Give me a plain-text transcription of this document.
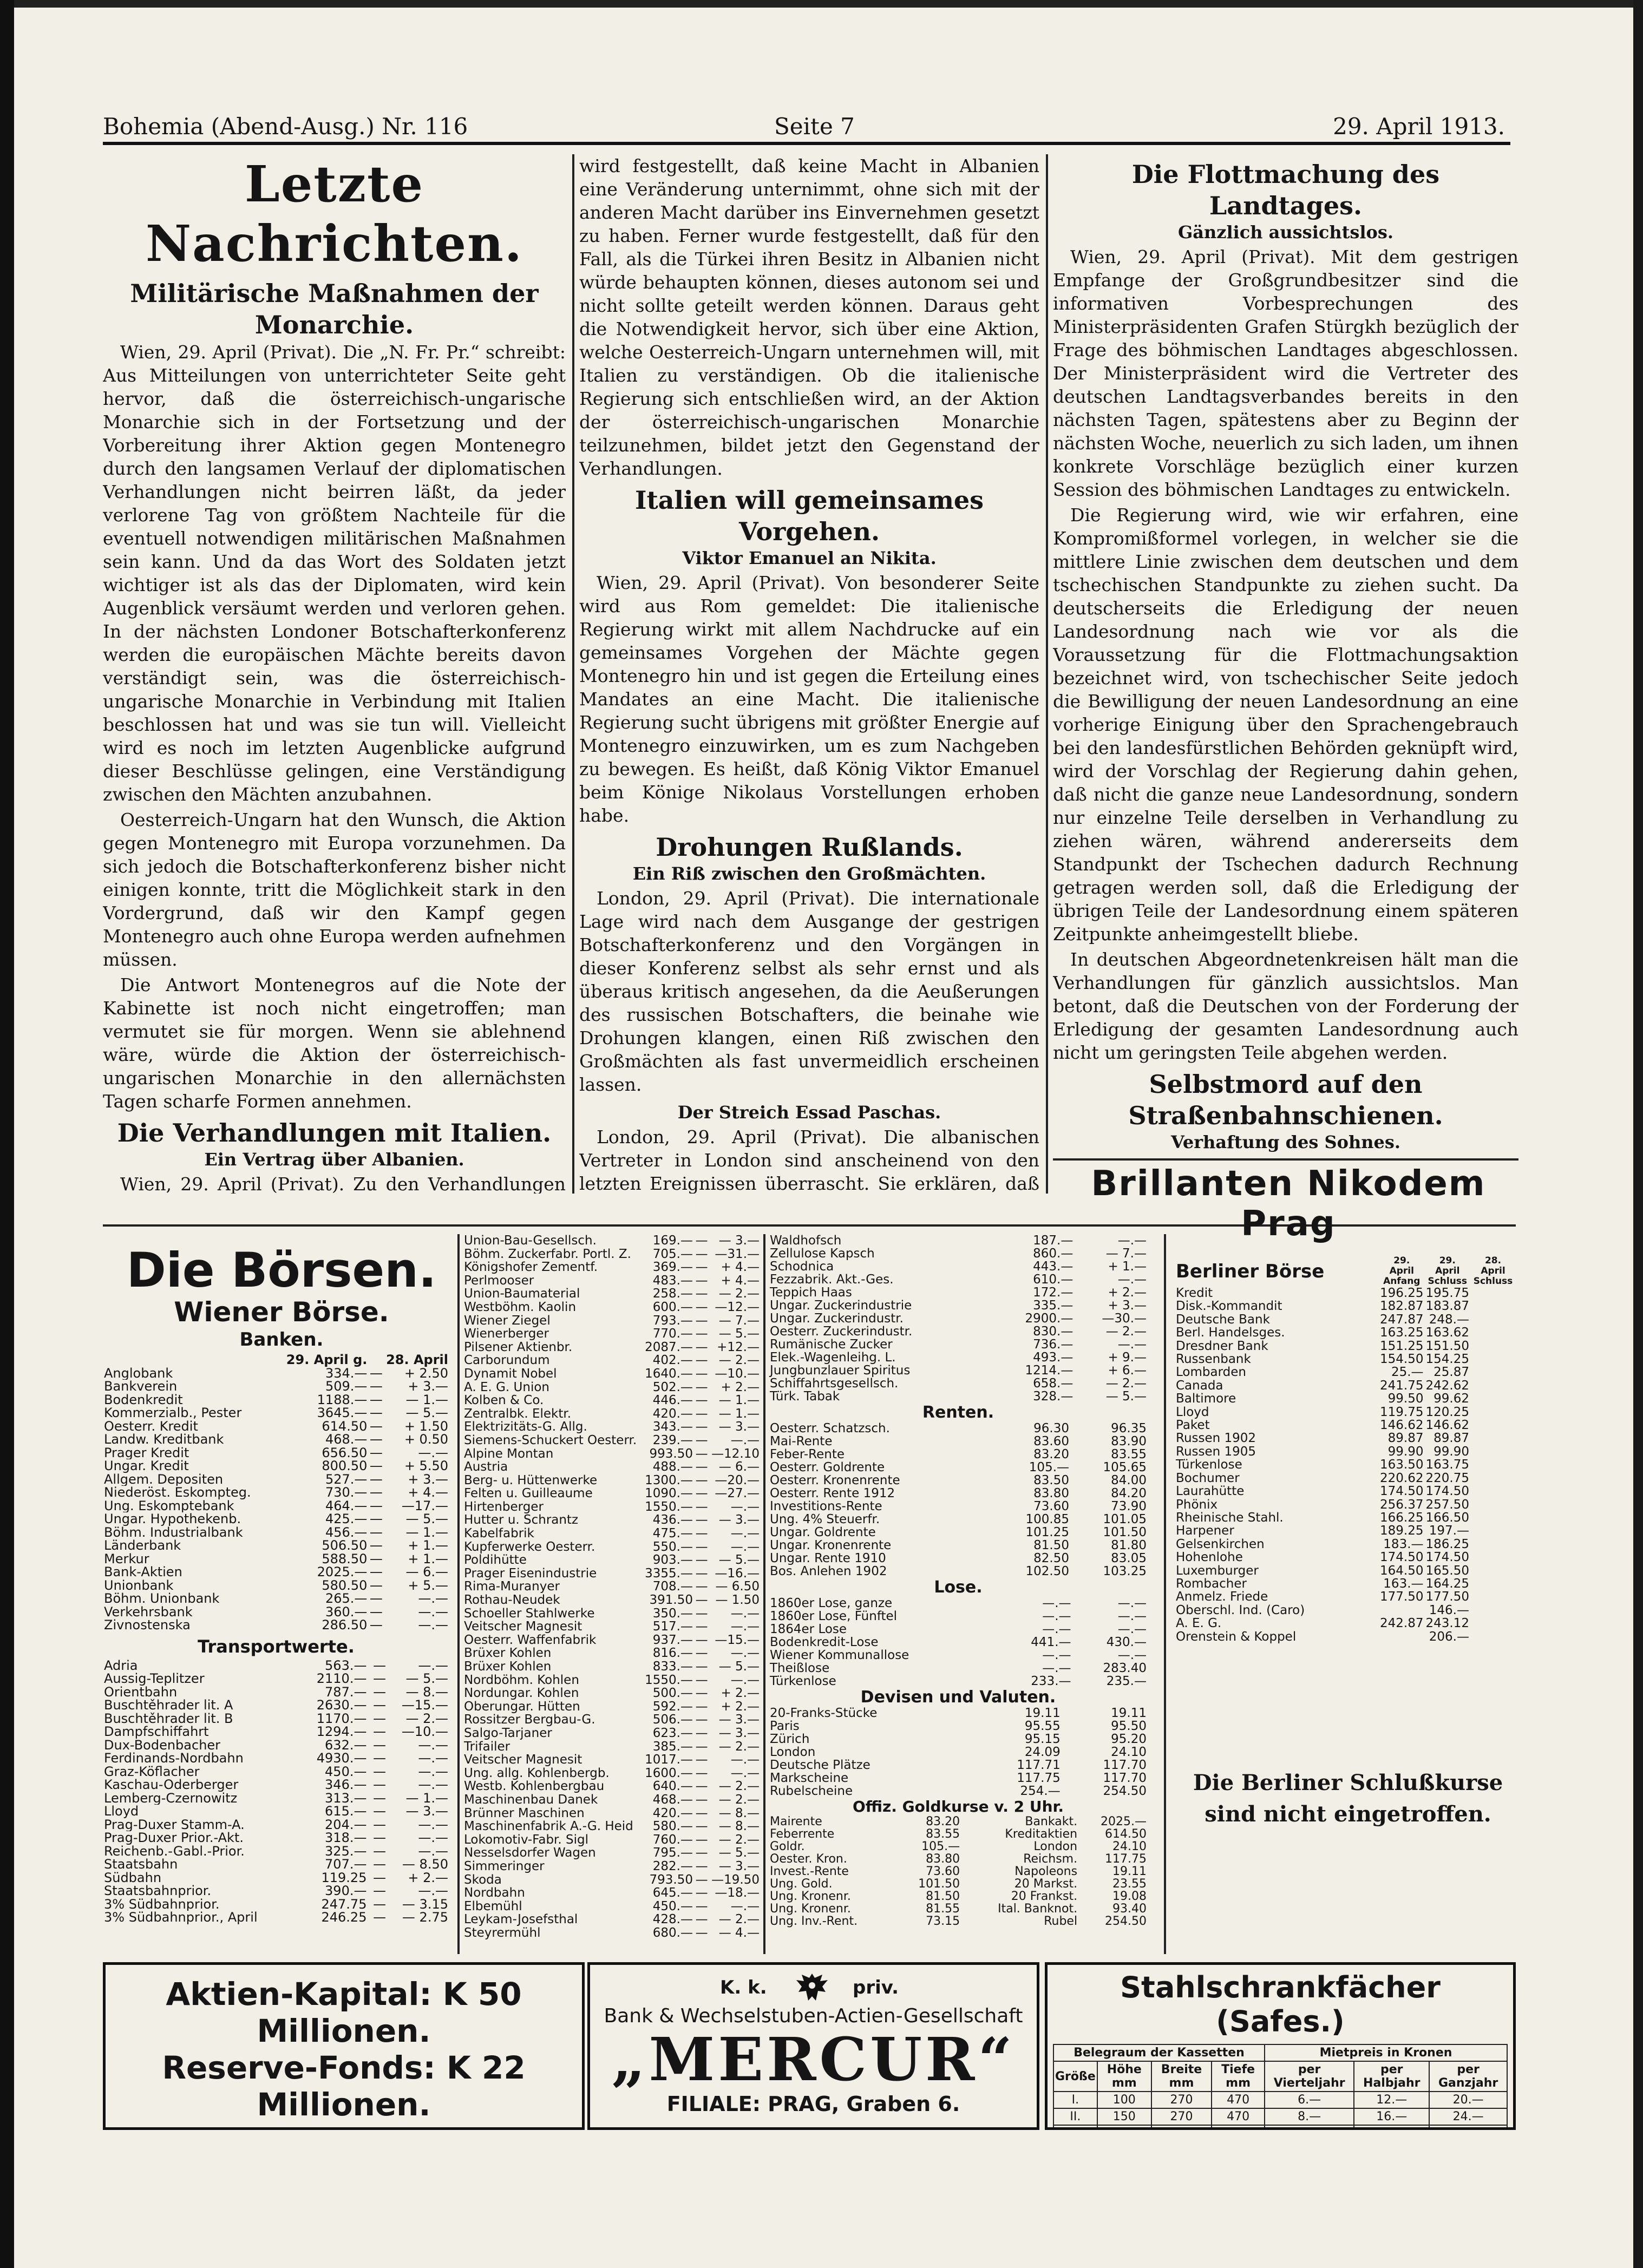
Bohemia (Abend-Ausg.) Nr. 116	Seite 7	29. April 1913.
Letzte Nachrichten.
Militärische Maßnahmen der Monarchie.

Wien, 29. April (Privat). Die „N. Fr. Pr.“ schreibt: Aus Mitteilungen von unterrichteter Seite geht hervor, daß die österreichisch-ungarische Monarchie sich in der Fortsetzung und der Vorbereitung ihrer Aktion gegen Montenegro durch den langsamen Verlauf der diplomatischen Verhandlungen nicht beirren läßt, da jeder verlorene Tag von größtem Nachteile für die eventuell notwendigen militärischen Maßnahmen sein kann. Und da das Wort des Soldaten jetzt wichtiger ist als das der Diplomaten, wird kein Augenblick versäumt werden und verloren gehen. In der nächsten Londoner Botschafterkonferenz werden die europäischen Mächte bereits davon verständigt sein, was die österreichisch-ungarische Monarchie in Verbindung mit Italien beschlossen hat und was sie tun will. Vielleicht wird es noch im letzten Augenblicke aufgrund dieser Beschlüsse gelingen, eine Verständigung zwischen den Mächten anzubahnen.

Oesterreich-Ungarn hat den Wunsch, die Aktion gegen Montenegro mit Europa vorzunehmen. Da sich jedoch die Botschafterkonferenz bisher nicht einigen konnte, tritt die Möglichkeit stark in den Vordergrund, daß wir den Kampf gegen Montenegro auch ohne Europa werden aufnehmen müssen.

Die Antwort Montenegros auf die Note der Kabinette ist noch nicht eingetroffen; man vermutet sie für morgen. Wenn sie ablehnend wäre, würde die Aktion der österreichisch-ungarischen Monarchie in den allernächsten Tagen scharfe Formen annehmen.

Die Verhandlungen mit Italien.
Ein Vertrag über Albanien.

Wien, 29. April (Privat). Zu den Verhandlungen

wird festgestellt, daß keine Macht in Albanien eine Veränderung unternimmt, ohne sich mit der anderen Macht darüber ins Einvernehmen gesetzt zu haben. Ferner wurde festgestellt, daß für den Fall, als die Türkei ihren Besitz in Albanien nicht würde behaupten können, dieses autonom sei und nicht sollte geteilt werden können. Daraus geht die Notwendigkeit hervor, sich über eine Aktion, welche Oesterreich-Ungarn unternehmen will, mit Italien zu verständigen. Ob die italienische Regierung sich entschließen wird, an der Aktion der österreichisch-ungarischen Monarchie teilzunehmen, bildet jetzt den Gegenstand der Verhandlungen.

Italien will gemeinsames Vorgehen.
Viktor Emanuel an Nikita.

Wien, 29. April (Privat). Von besonderer Seite wird aus Rom gemeldet: Die italienische Regierung wirkt mit allem Nachdrucke auf ein gemeinsames Vorgehen der Mächte gegen Montenegro hin und ist gegen die Erteilung eines Mandates an eine Macht. Die italienische Regierung sucht übrigens mit größter Energie auf Montenegro einzuwirken, um es zum Nachgeben zu bewegen. Es heißt, daß König Viktor Emanuel beim Könige Nikolaus Vorstellungen erhoben habe.

Drohungen Rußlands.
Ein Riß zwischen den Großmächten.

London, 29. April (Privat). Die internationale Lage wird nach dem Ausgange der gestrigen Botschafterkonferenz und den Vorgängen in dieser Konferenz selbst als sehr ernst und als überaus kritisch angesehen, da die Aeußerungen des russischen Botschafters, die beinahe wie Drohungen klangen, einen Riß zwischen den Großmächten als fast unvermeidlich erscheinen lassen.

Der Streich Essad Paschas.

London, 29. April (Privat). Die albanischen Vertreter in London sind anscheinend von den letzten Ereignissen überrascht. Sie erklären, daß

Die Flottmachung des Landtages.
Gänzlich aussichtslos.

Wien, 29. April (Privat). Mit dem gestrigen Empfange der Großgrundbesitzer sind die informativen Vorbesprechungen des Ministerpräsidenten Grafen Stürgkh bezüglich der Frage des böhmischen Landtages abgeschlossen. Der Ministerpräsident wird die Vertreter des deutschen Landtagsverbandes bereits in den nächsten Tagen, spätestens aber zu Beginn der nächsten Woche, neuerlich zu sich laden, um ihnen konkrete Vorschläge bezüglich einer kurzen Session des böhmischen Landtages zu entwickeln.

Die Regierung wird, wie wir erfahren, eine Kompromißformel vorlegen, in welcher sie die mittlere Linie zwischen dem deutschen und dem tschechischen Standpunkte zu ziehen sucht. Da deutscherseits die Erledigung der neuen Landesordnung nach wie vor als die Voraussetzung für die Flottmachungsaktion bezeichnet wird, von tschechischer Seite jedoch die Bewilligung der neuen Landesordnung an eine vorherige Einigung über den Sprachengebrauch bei den landesfürstlichen Behörden geknüpft wird, wird der Vorschlag der Regierung dahin gehen, daß nicht die ganze neue Landesordnung, sondern nur einzelne Teile derselben in Verhandlung zu ziehen wären, während andererseits dem Standpunkt der Tschechen dadurch Rechnung getragen werden soll, daß die Erledigung der übrigen Teile der Landesordnung einem späteren Zeitpunkte anheimgestellt bliebe.

In deutschen Abgeordnetenkreisen hält man die Verhandlungen für gänzlich aussichtslos. Man betont, daß die Deutschen von der Forderung der Erledigung der gesamten Landesordnung auch nicht um geringsten Teile abgehen werden.

Selbstmord auf den Straßenbahnschienen.
Verhaftung des Sohnes.

Brillanten Nikodem Prag
Die Börsen.
Wiener Börse.
Banken.
	29. April g.		28. April
Anglobank	334.—	—	+ 2.50
Bankverein	509.—	—	+ 3.—
Bodenkredit	1188.—	—	— 1.—
Kommerzialb., Pester	3645.—	—	— 5.—
Oesterr. Kredit	614.50	—	+ 1.50
Landw. Kreditbank	468.—	—	+ 0.50
Prager Kredit	656.50	—	—.—
Ungar. Kredit	800.50	—	+ 5.50
Allgem. Depositen	527.—	—	+ 3.—
Niederöst. Eskompteg.	730.—	—	+ 4.—
Ung. Eskomptebank	464.—	—	—17.—
Ungar. Hypothekenb.	425.—	—	— 5.—
Böhm. Industrialbank	456.—	—	— 1.—
Länderbank	506.50	—	+ 1.—
Merkur	588.50	—	+ 1.—
Bank-Aktien	2025.—	—	— 6.—
Unionbank	580.50	—	+ 5.—
Böhm. Unionbank	265.—	—	—.—
Verkehrsbank	360.—	—	—.—
Zivnostenska	286.50	—	—.—
Transportwerte.
Adria	563.—	—	—.—
Aussig-Teplitzer	2110.—	—	— 5.—
Orientbahn	787.—	—	— 8.—
Buschtěhrader lit. A	2630.—	—	—15.—
Buschtěhrader lit. B	1170.—	—	— 2.—
Dampfschiffahrt	1294.—	—	—10.—
Dux-Bodenbacher	632.—	—	—.—
Ferdinands-Nordbahn	4930.—	—	—.—
Graz-Köflacher	450.—	—	—.—
Kaschau-Oderberger	346.—	—	—.—
Lemberg-Czernowitz	313.—	—	— 1.—
Lloyd	615.—	—	— 3.—
Prag-Duxer Stamm-A.	204.—	—	—.—
Prag-Duxer Prior.-Akt.	318.—	—	—.—
Reichenb.-Gabl.-Prior.	325.—	—	—.—
Staatsbahn	707.—	—	— 8.50
Südbahn	119.25	—	+ 2.—
Staatsbahnprior.	390.—	—	—.—
3% Südbahnprior.	247.75	—	— 3.15
3% Südbahnprior., April	246.25	—	— 2.75
Union-Bau-Gesellsch.	169.—	—	— 3.—
Böhm. Zuckerfabr. Portl. Z.	705.—	—	—31.—
Königshofer Zementf.	369.—	—	+ 4.—
Perlmooser	483.—	—	+ 4.—
Union-Baumaterial	258.—	—	— 2.—
Westböhm. Kaolin	600.—	—	—12.—
Wiener Ziegel	793.—	—	— 7.—
Wienerberger	770.—	—	— 5.—
Pilsener Aktienbr.	2087.—	—	+12.—
Carborundum	402.—	—	— 2.—
Dynamit Nobel	1640.—	—	—10.—
A. E. G. Union	502.—	—	+ 2.—
Kolben & Co.	446.—	—	— 1.—
Zentralbk. Elektr.	420.—	—	— 1.—
Elektrizitäts-G. Allg.	343.—	—	— 3.—
Siemens-Schuckert Oesterr.	239.—	—	—.—
Alpine Montan	993.50	—	—12.10
Austria	488.—	—	— 6.—
Berg- u. Hüttenwerke	1300.—	—	—20.—
Felten u. Guilleaume	1090.—	—	—27.—
Hirtenberger	1550.—	—	—.—
Hutter u. Schrantz	436.—	—	— 3.—
Kabelfabrik	475.—	—	—.—
Kupferwerke Oesterr.	550.—	—	—.—
Poldihütte	903.—	—	— 5.—
Prager Eisenindustrie	3355.—	—	—16.—
Rima-Muranyer	708.—	—	— 6.50
Rothau-Neudek	391.50	—	— 1.50
Schoeller Stahlwerke	350.—	—	—.—
Veitscher Magnesit	517.—	—	—.—
Oesterr. Waffenfabrik	937.—	—	—15.—
Brüxer Kohlen	816.—	—	—.—
Brüxer Kohlen	833.—	—	— 5.—
Nordböhm. Kohlen	1550.—	—	—.—
Nordungar. Kohlen	500.—	—	+ 2.—
Oberungar. Hütten	592.—	—	+ 2.—
Rossitzer Bergbau-G.	506.—	—	— 3.—
Salgo-Tarjaner	623.—	—	— 3.—
Trifailer	385.—	—	— 2.—
Veitscher Magnesit	1017.—	—	—.—
Ung. allg. Kohlenbergb.	1600.—	—	—.—
Westb. Kohlenbergbau	640.—	—	— 2.—
Maschinenbau Danek	468.—	—	— 2.—
Brünner Maschinen	420.—	—	— 8.—
Maschinenfabrik A.-G. Heid	580.—	—	— 8.—
Lokomotiv-Fabr. Sigl	760.—	—	— 2.—
Nesselsdorfer Wagen	795.—	—	— 5.—
Simmeringer	282.—	—	— 3.—
Skoda	793.50	—	—19.50
Nordbahn	645.—	—	—18.—
Elbemühl	450.—	—	—.—
Leykam-Josefsthal	428.—	—	— 2.—
Steyrermühl	680.—	—	— 4.—
Waldhofsch	187.—	—.—
Zellulose Kapsch	860.—	— 7.—
Schodnica	443.—	+ 1.—
Fezzabrik. Akt.-Ges.	610.—	—.—
Teppich Haas	172.—	+ 2.—
Ungar. Zuckerindustrie	335.—	+ 3.—
Ungar. Zuckerindustr.	2900.—	—30.—
Oesterr. Zuckerindustr.	830.—	— 2.—
Rumänische Zucker	736.—	—.—
Elek.-Wagenleihg. L.	493.—	+ 9.—
Jungbunzlauer Spiritus	1214.—	+ 6.—
Schiffahrtsgesellsch.	658.—	— 2.—
Türk. Tabak	328.—	— 5.—
Renten.
Oesterr. Schatzsch.	96.30	96.35
Mai-Rente	83.60	83.90
Feber-Rente	83.20	83.55
Oesterr. Goldrente	105.—	105.65
Oesterr. Kronenrente	83.50	84.00
Oesterr. Rente 1912	83.80	84.20
Investitions-Rente	73.60	73.90
Ung. 4% Steuerfr.	100.85	101.05
Ungar. Goldrente	101.25	101.50
Ungar. Kronenrente	81.50	81.80
Ungar. Rente 1910	82.50	83.05
Bos. Anlehen 1902	102.50	103.25
Lose.
1860er Lose, ganze	—.—	—.—
1860er Lose, Fünftel	—.—	—.—
1864er Lose	—.—	—.—
Bodenkredit-Lose	441.—	430.—
Wiener Kommunallose	—.—	—.—
Theißlose	—.—	283.40
Türkenlose	233.—	235.—
Devisen und Valuten.
20-Franks-Stücke	19.11	19.11
Paris	95.55	95.50
Zürich	95.15	95.20
London	24.09	24.10
Deutsche Plätze	117.71	117.70
Markscheine	117.75	117.70
Rubelscheine	254.—	254.50
Offiz. Goldkurse v. 2 Uhr.
Mairente	83.20	Bankakt.	2025.—
Feberrente	83.55	Kreditaktien	614.50
Goldr.	105.—	London	24.10
Oester. Kron.	83.80	Reichsm.	117.75
Invest.-Rente	73.60	Napoleons	19.11
Ung. Gold.	101.50	20 Markst.	23.55
Ung. Kronenr.	81.50	20 Frankst.	19.08
Ung. Kronenr.	81.55	Ital. Banknot.	93.40
Ung. Inv.-Rent.	73.15	Rubel	254.50
Berliner Börse	29. April Anfang	29. April Schluss	28. April Schluss
Kredit	196.25	195.75	
Disk.-Kommandit	182.87	183.87	
Deutsche Bank	247.87	248.—	
Berl. Handelsges.	163.25	163.62	
Dresdner Bank	151.25	151.50	
Russenbank	154.50	154.25	
Lombarden	25.—	25.87	
Canada	241.75	242.62	
Baltimore	99.50	99.62	
Lloyd	119.75	120.25	
Paket	146.62	146.62	
Russen 1902	89.87	89.87	
Russen 1905	99.90	99.90	
Türkenlose	163.50	163.75	
Bochumer	220.62	220.75	
Laurahütte	174.50	174.50	
Phönix	256.37	257.50	
Rheinische Stahl.	166.25	166.50	
Harpener	189.25	197.—	
Gelsenkirchen	183.—	186.25	
Hohenlohe	174.50	174.50	
Luxemburger	164.50	165.50	
Rombacher	163.—	164.25	
Anmelz. Friede	177.50	177.50	
Oberschl. Ind. (Caro)		146.—	
A. E. G.	242.87	243.12	
Orenstein & Koppel		206.—	
Die Berliner Schlußkurse sind nicht eingetroffen.
Aktien-Kapital: K 50 Millionen.
Reserve-Fonds: K 22 Millionen.
K. k.	priv.
Bank & Wechselstuben-Actien-Gesellschaft
„MERCUR“
FILIALE: PRAG, Graben 6.
Stahlschrankfächer (Safes.)
Belegraum der Kassetten				Mietpreis in Kronen		
Größe	Höhe mm	Breite mm	Tiefe mm	per Vierteljahr	per Halbjahr	per Ganzjahr
I.	100	270	470	6.—	12.—	20.—
II.	150	270	470	8.—	16.—	24.—
